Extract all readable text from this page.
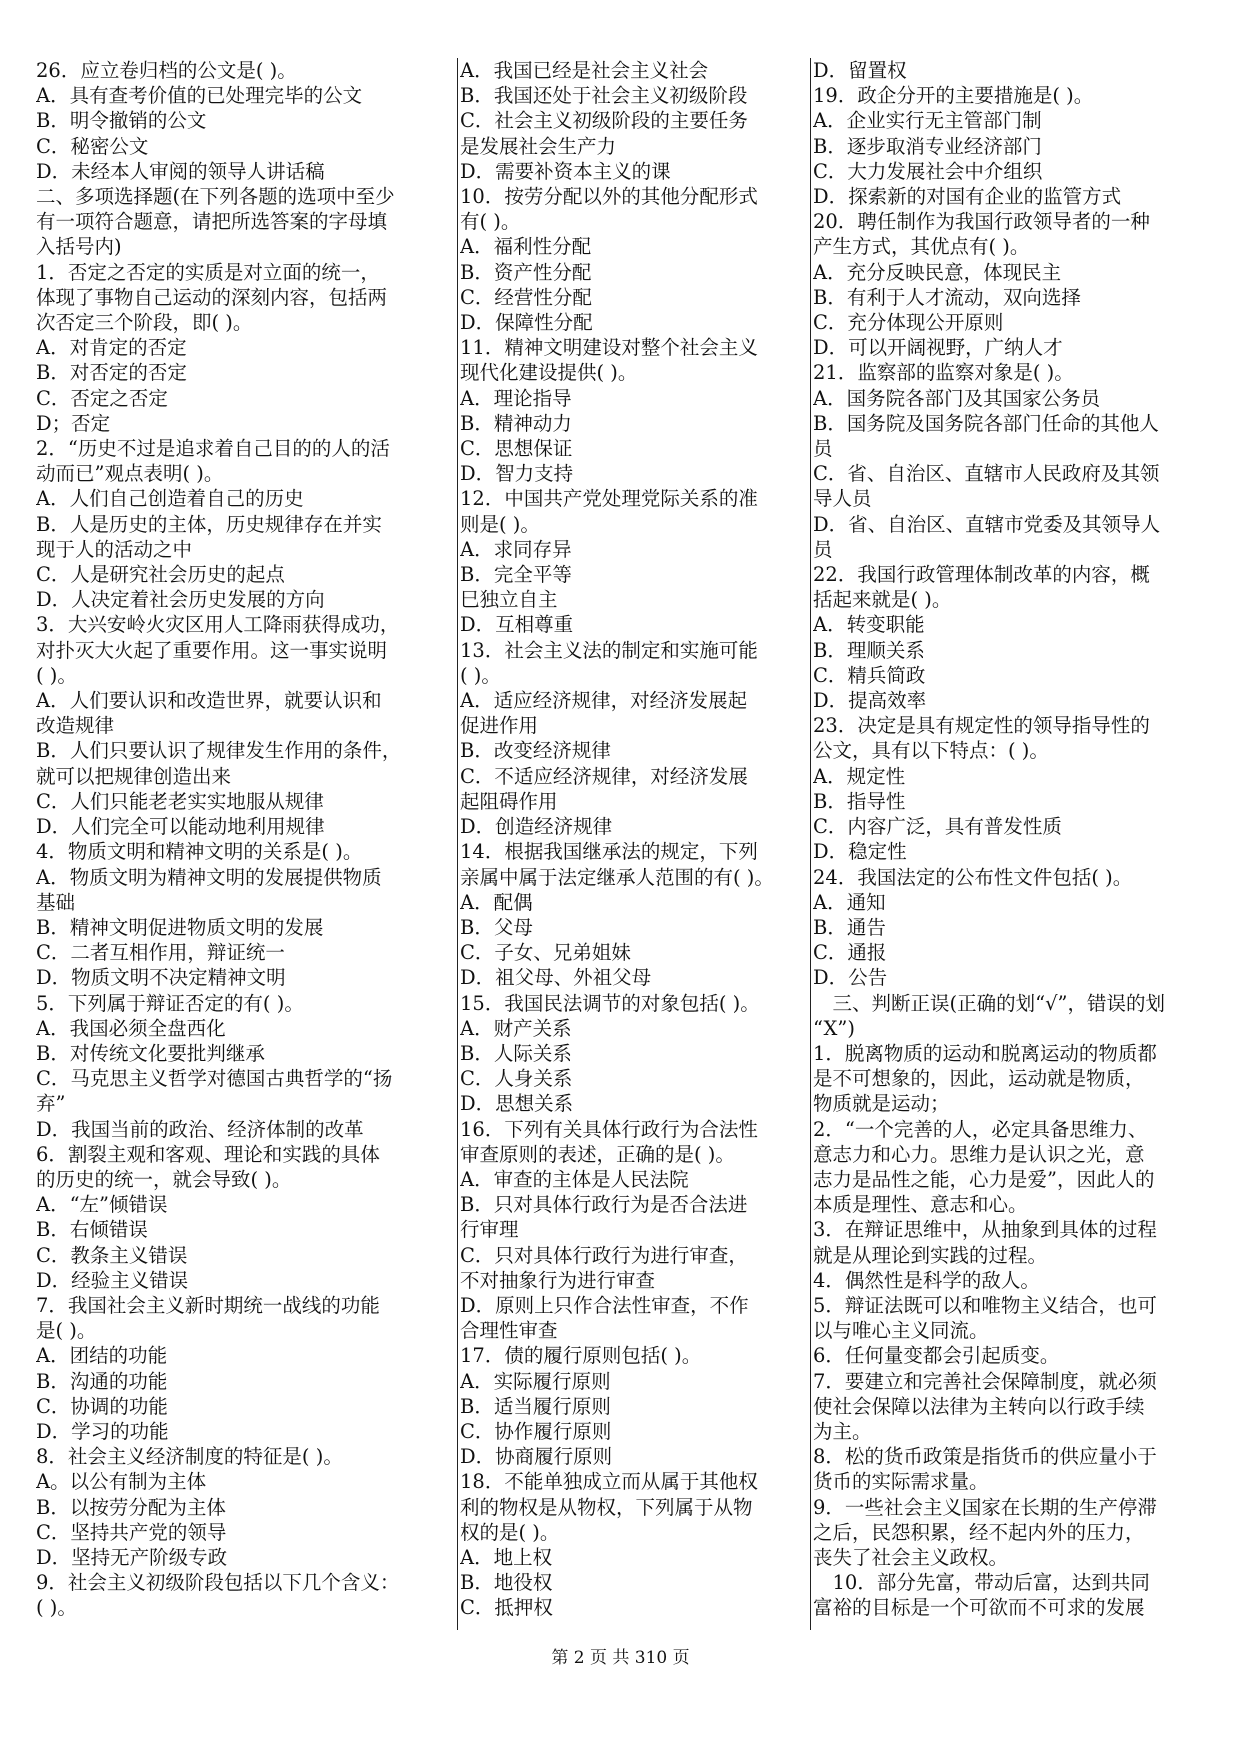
26．应立卷归档的公文是( )。
A．具有查考价值的已处理完毕的公文
B．明令撤销的公文
C．秘密公文
D．未经本人审阅的领导人讲话稿
二、多项选择题(在下列各题的选项中至少
有一项符合题意，请把所选答案的字母填
入括号内)
1．否定之否定的实质是对立面的统一，
体现了事物自己运动的深刻内容，包括两
次否定三个阶段，即( )。
A．对肯定的否定
B．对否定的否定
C．否定之否定
D；否定
2．“历史不过是追求着自己目的的人的活
动而已”观点表明( )。
A．人们自己创造着自己的历史
B．人是历史的主体，历史规律存在并实
现于人的活动之中
C．人是研究社会历史的起点
D．人决定着社会历史发展的方向
3．大兴安岭火灾区用人工降雨获得成功，
对扑灭大火起了重要作用。这一事实说明
( )。
A．人们要认识和改造世界，就要认识和
改造规律
B．人们只要认识了规律发生作用的条件，
就可以把规律创造出来
C．人们只能老老实实地服从规律
D．人们完全可以能动地利用规律
4．物质文明和精神文明的关系是( )。
A．物质文明为精神文明的发展提供物质
基础
B．精神文明促进物质文明的发展
C．二者互相作用，辩证统一
D．物质文明不决定精神文明
5．下列属于辩证否定的有( )。
A．我国必须全盘西化
B．对传统文化要批判继承
C．马克思主义哲学对德国古典哲学的“扬
弃”
D．我国当前的政治、经济体制的改革
6．割裂主观和客观、理论和实践的具体
的历史的统一，就会导致( )。
A．“左”倾错误
B．右倾错误
C．教条主义错误
D．经验主义错误
7．我国社会主义新时期统一战线的功能
是( )。
A．团结的功能
B．沟通的功能
C．协调的功能
D．学习的功能
8．社会主义经济制度的特征是( )。
A。以公有制为主体
B．以按劳分配为主体
C．坚持共产党的领导
D．坚持无产阶级专政
9．社会主义初级阶段包括以下几个含义：
( )。
A．我国已经是社会主义社会
B．我国还处于社会主义初级阶段
C．社会主义初级阶段的主要任务
是发展社会生产力
D．需要补资本主义的课
10．按劳分配以外的其他分配形式
有( )。
A．福利性分配
B．资产性分配
C．经营性分配
D．保障性分配
11．精神文明建设对整个社会主义
现代化建设提供( )。
A．理论指导
B．精神动力
C．思想保证
D．智力支持
12．中国共产党处理党际关系的准
则是( )。
A．求同存异
B．完全平等
巳独立自主
D．互相尊重
13．社会主义法的制定和实施可能
( )。
A．适应经济规律，对经济发展起
促进作用
B．改变经济规律
C．不适应经济规律，对经济发展
起阻碍作用
D．创造经济规律
14．根据我国继承法的规定，下列
亲属中属于法定继承人范围的有( )。
A．配偶
B．父母
C．子女、兄弟姐妹
D．祖父母、外祖父母
15．我国民法调节的对象包括( )。
A．财产关系
B．人际关系
C．人身关系
D．思想关系
16．下列有关具体行政行为合法性
审查原则的表述，正确的是( )。
A．审查的主体是人民法院
B．只对具体行政行为是否合法进
行审理
C．只对具体行政行为进行审查，
不对抽象行为进行审查
D．原则上只作合法性审查，不作
合理性审查
17．债的履行原则包括( )。
A．实际履行原则
B．适当履行原则
C．协作履行原则
D．协商履行原则
18．不能单独成立而从属于其他权
利的物权是从物权，下列属于从物
权的是( )。
A．地上权
B．地役权
C．抵押权
D．留置权
19．政企分开的主要措施是( )。
A．企业实行无主管部门制
B．逐步取消专业经济部门
C．大力发展社会中介组织
D．探索新的对国有企业的监管方式
20．聘任制作为我国行政领导者的一种
产生方式，其优点有( )。
A．充分反映民意，体现民主
B．有利于人才流动，双向选择
C．充分体现公开原则
D．可以开阔视野，广纳人才
21．监察部的监察对象是( )。
A．国务院各部门及其国家公务员
B．国务院及国务院各部门任命的其他人
员
C．省、自治区、直辖市人民政府及其领
导人员
D．省、自治区、直辖市党委及其领导人
员
22．我国行政管理体制改革的内容，概
括起来就是( )。
A．转变职能
B．理顺关系
C．精兵简政
D．提高效率
23．决定是具有规定性的领导指导性的
公文，具有以下特点：( )。
A．规定性
B．指导性
C．内容广泛，具有普发性质
D．稳定性
24．我国法定的公布性文件包括( )。
A．通知
B．通告
C．通报
D．公告
　三、判断正误(正确的划“√”，错误的划
“X”)
1．脱离物质的运动和脱离运动的物质都
是不可想象的，因此，运动就是物质，
物质就是运动；
2．“一个完善的人，必定具备思维力、
意志力和心力。思维力是认识之光，意
志力是品性之能，心力是爱”，因此人的
本质是理性、意志和心。
3．在辩证思维中，从抽象到具体的过程
就是从理论到实践的过程。
4．偶然性是科学的敌人。
5．辩证法既可以和唯物主义结合，也可
以与唯心主义同流。
6．任何量变都会引起质变。
7．要建立和完善社会保障制度，就必须
使社会保障以法律为主转向以行政手续
为主。
8．松的货币政策是指货币的供应量小于
货币的实际需求量。
9．一些社会主义国家在长期的生产停滞
之后，民怨积累，经不起内外的压力，
丧失了社会主义政权。
　10．部分先富，带动后富，达到共同
富裕的目标是一个可欲而不可求的发展
第 2 页 共 310 页
